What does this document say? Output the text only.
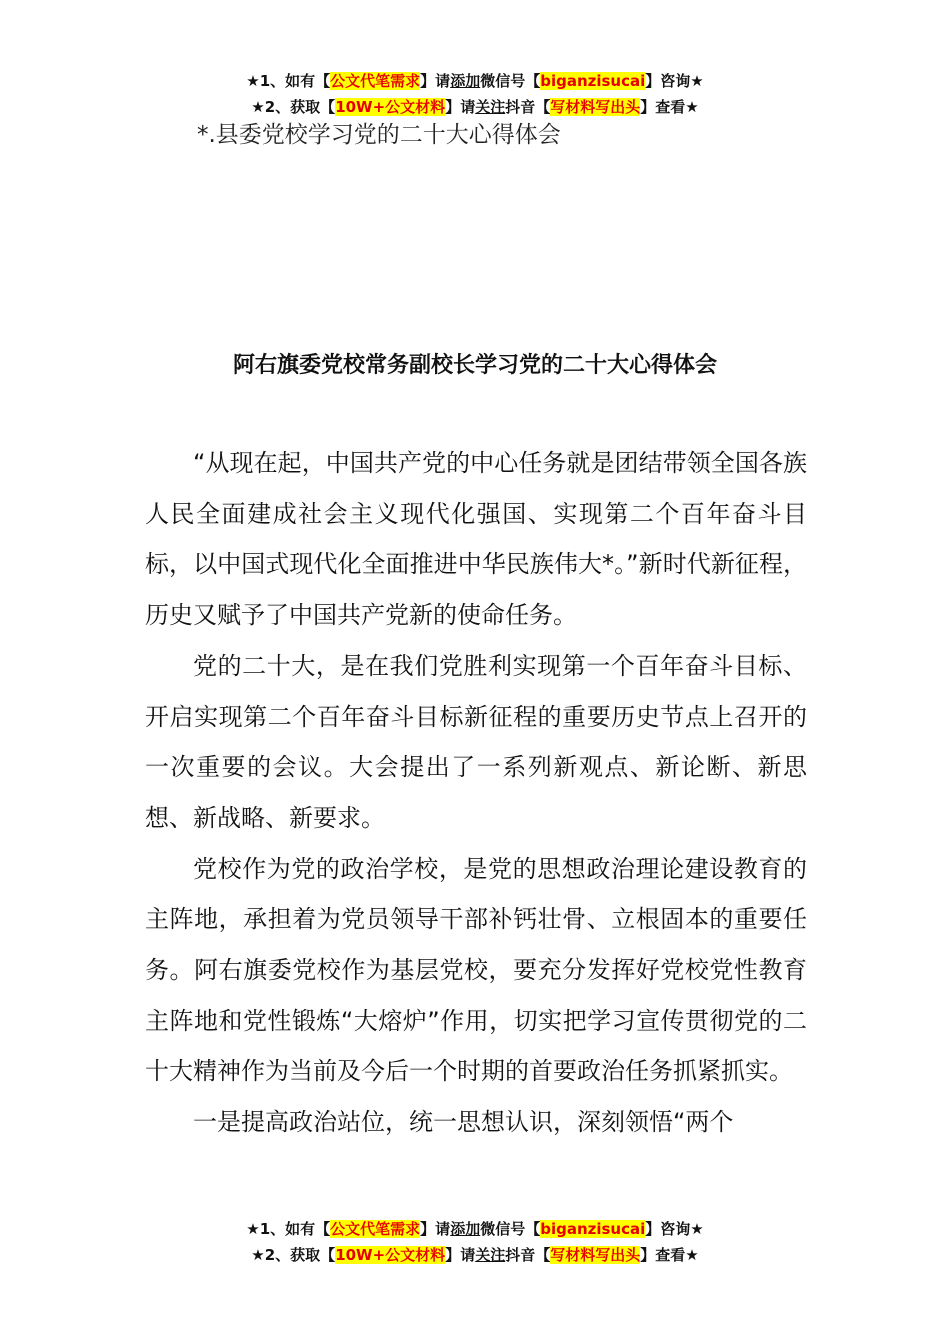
★1、如有【公文代笔需求】请添加微信号【biganzisucai】咨询★
★2、获取【10W+公文材料】请关注抖音【写材料写出头】查看★
*.县委党校学习党的二十大心得体会
阿右旗委党校常务副校长学习党的二十大心得体会

“从现在起，中国共产党的中心任务就是团结带领全国各族人民全面建成社会主义现代化强国、实现第二个百年奋斗目标，以中国式现代化全面推进中华民族伟大*。”新时代新征程，历史又赋予了中国共产党新的使命任务。

党的二十大，是在我们党胜利实现第一个百年奋斗目标、开启实现第二个百年奋斗目标新征程的重要历史节点上召开的一次重要的会议。大会提出了一系列新观点、新论断、新思想、新战略、新要求。

党校作为党的政治学校，是党的思想政治理论建设教育的主阵地，承担着为党员领导干部补钙壮骨、立根固本的重要任务。阿右旗委党校作为基层党校，要充分发挥好党校党性教育主阵地和党性锻炼“大熔炉”作用，切实把学习宣传贯彻党的二十大精神作为当前及今后一个时期的首要政治任务抓紧抓实。

一是提高政治站位，统一思想认识，深刻领悟“两个

★1、如有【公文代笔需求】请添加微信号【biganzisucai】咨询★
★2、获取【10W+公文材料】请关注抖音【写材料写出头】查看★
